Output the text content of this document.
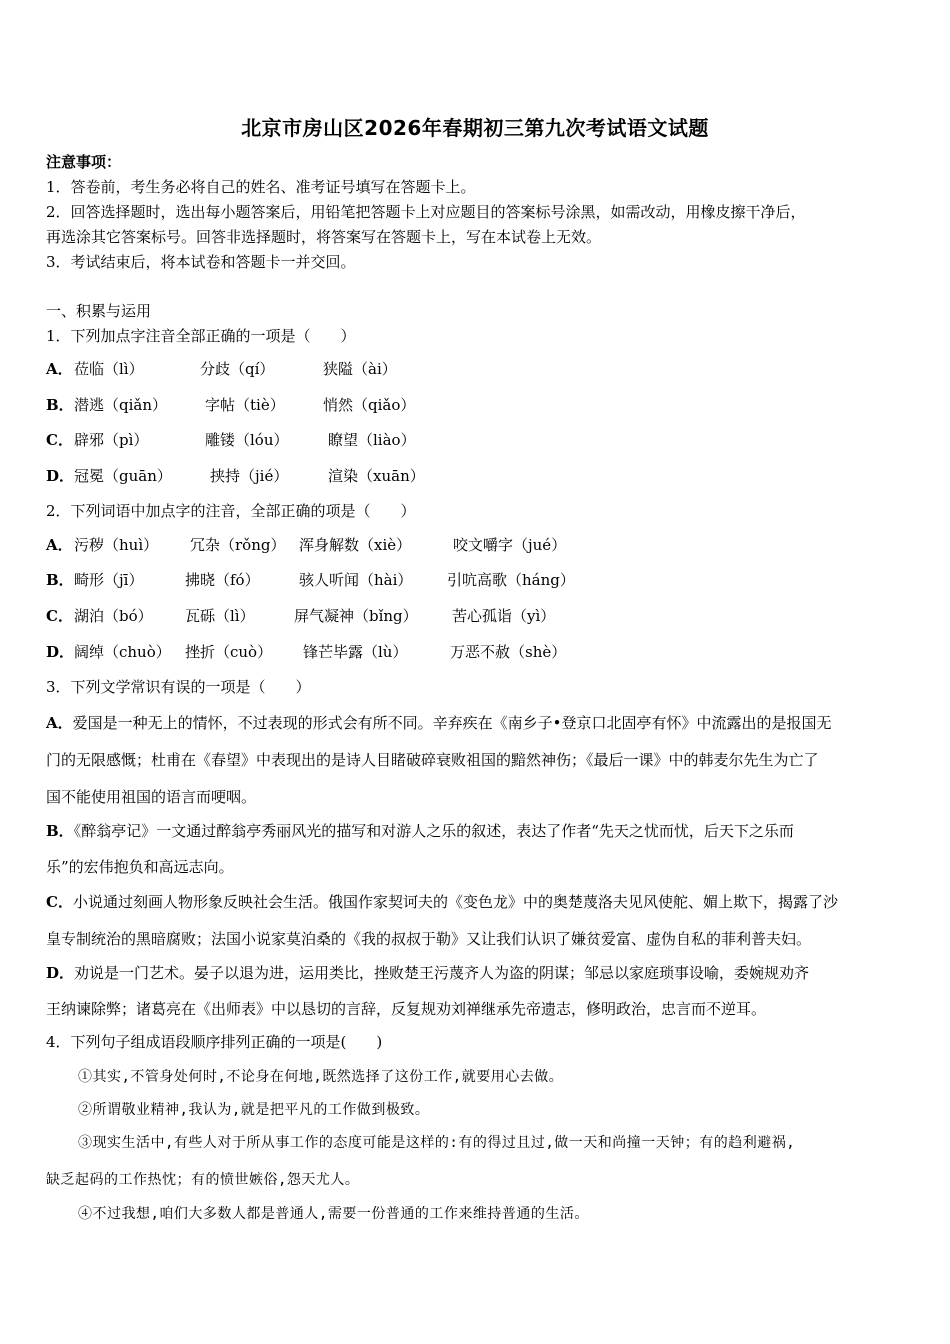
北京市房山区2026年春期初三第九次考试语文试题
注意事项：
1．答卷前，考生务必将自己的姓名、准考证号填写在答题卡上。
2．回答选择题时，选出每小题答案后，用铅笔把答题卡上对应题目的答案标号涂黑，如需改动，用橡皮擦干净后，
再选涂其它答案标号。回答非选择题时，将答案写在答题卡上，写在本试卷上无效。
3．考试结束后，将本试卷和答题卡一并交回。
一、积累与运用
1．下列加点字注音全部正确的一项是（　　）
A． 莅临（lì）	分歧（qí）	狭隘（ài）
B． 潜逃（qiǎn）	字帖（tiè）	悄然（qiǎo）
C． 辟邪（pì）	雕镂（lóu）	瞭望（liào）
D． 冠冕（guān）	挟持（jié）	渲染（xuān）
2．下列词语中加点字的注音，全部正确的项是（　　）
A． 污秽（huì） 冗杂（rǒng） 浑身解数（xiè）	咬文嚼字（jué）
B． 畸形（jī）	拂晓（fó）	骇人听闻（hài） 引吭高歌（háng）
C． 湖泊（bó） 瓦砾（lì）	屏气凝神（bǐng） 苦心孤诣（yì）
D． 阔绰（chuò） 挫折（cuò） 锋芒毕露（lù）	万恶不赦（shè）
3．下列文学常识有误的一项是（　　）
A．爱国是一种无上的情怀，不过表现的形式会有所不同。辛弃疾在《南乡子•登京口北固亭有怀》中流露出的是报国无
门的无限感慨；杜甫在《春望》中表现出的是诗人目睹破碎衰败祖国的黯然神伤；《最后一课》中的韩麦尔先生为亡了
国不能使用祖国的语言而哽咽。
B．《醉翁亭记》一文通过醉翁亭秀丽风光的描写和对游人之乐的叙述，表达了作者“先天之忧而忧，后天下之乐而
乐”的宏伟抱负和高远志向。
C．小说通过刻画人物形象反映社会生活。俄国作家契诃夫的《变色龙》中的奥楚蔑洛夫见风使舵、媚上欺下，揭露了沙
皇专制统治的黑暗腐败；法国小说家莫泊桑的《我的叔叔于勒》又让我们认识了嫌贫爱富、虚伪自私的菲利普夫妇。
D．劝说是一门艺术。晏子以退为进，运用类比，挫败楚王污蔑齐人为盗的阴谋；邹忌以家庭琐事设喻，委婉规劝齐
王纳谏除弊；诸葛亮在《出师表》中以恳切的言辞，反复规劝刘禅继承先帝遗志，修明政治，忠言而不逆耳。
4．下列句子组成语段顺序排列正确的一项是(　　)
①其实,不管身处何时,不论身在何地,既然选择了这份工作,就要用心去做。
②所谓敬业精神,我认为,就是把平凡的工作做到极致。
③现实生活中,有些人对于所从事工作的态度可能是这样的:有的得过且过,做一天和尚撞一天钟；有的趋利避祸,
缺乏起码的工作热忱；有的愤世嫉俗,怨天尤人。
④不过我想,咱们大多数人都是普通人,需要一份普通的工作来维持普通的生活。
